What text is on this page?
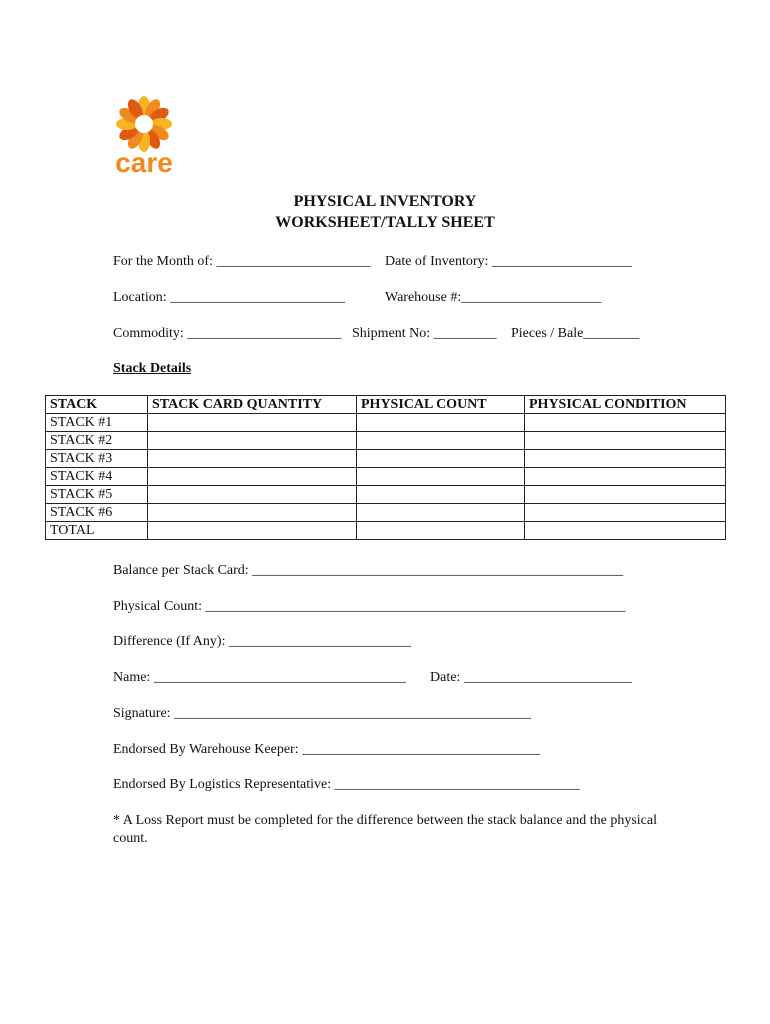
care
PHYSICAL INVENTORY
WORKSHEET/TALLY SHEET
For the Month of: ______________________ Date of Inventory: ____________________
Location: _________________________	Warehouse #:____________________
Commodity: ______________________ Shipment No: _________ Pieces / Bale________
Stack Details
STACK	STACK CARD QUANTITY	PHYSICAL COUNT	PHYSICAL CONDITION
STACK #1			
STACK #2			
STACK #3			
STACK #4			
STACK #5			
STACK #6			
TOTAL			
Balance per Stack Card: _____________________________________________________
Physical Count: ____________________________________________________________
Difference (If Any): __________________________
Name: ____________________________________ Date: ________________________
Signature: ___________________________________________________
Endorsed By Warehouse Keeper: __________________________________
Endorsed By Logistics Representative: ___________________________________
* A Loss Report must be completed for the difference between the stack balance and the physical count.
